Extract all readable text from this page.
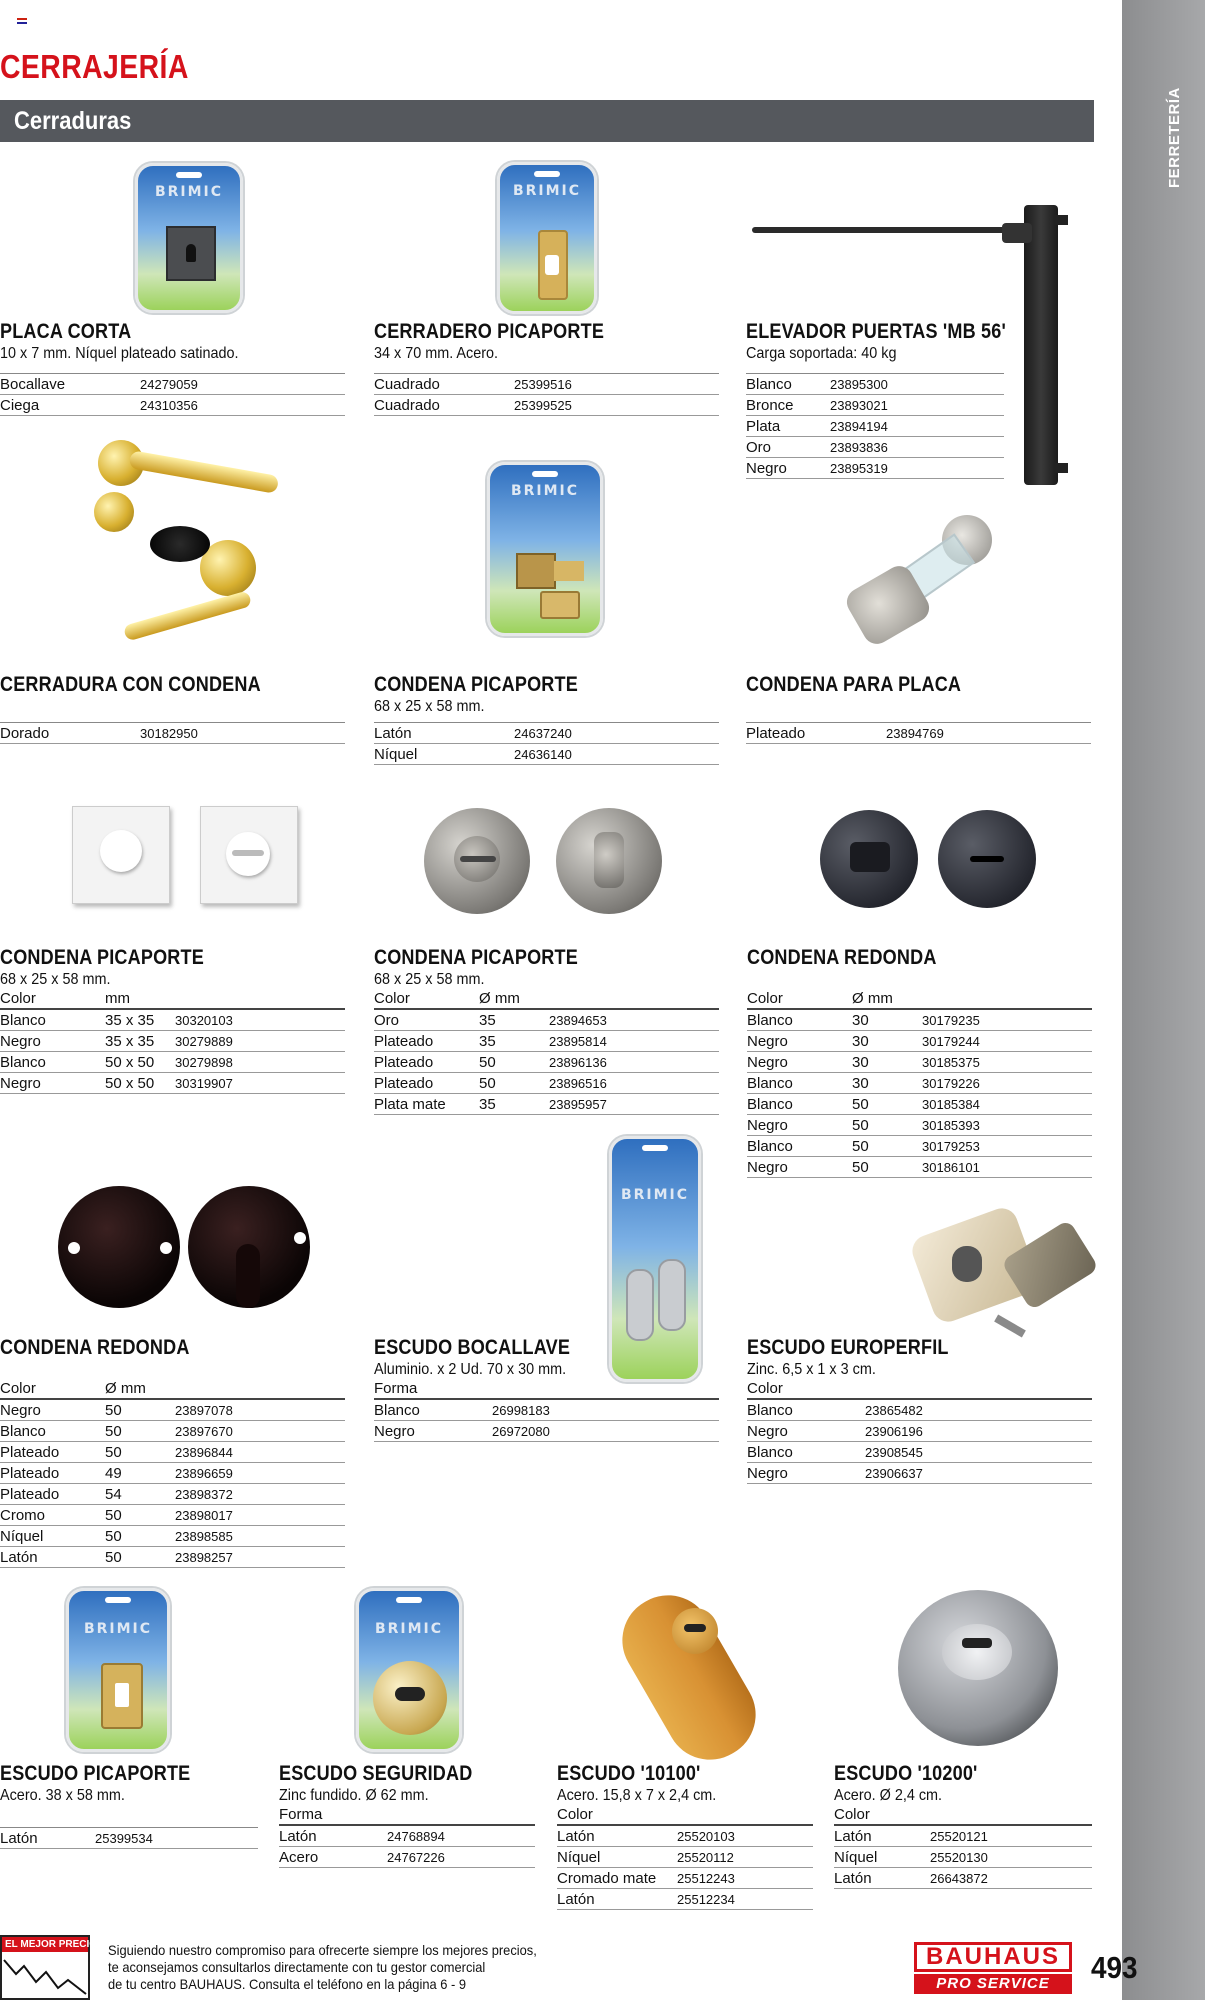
CERRAJERÍA
Cerraduras	FERRETERÍA
BRIMIC	BRIMIC
BRIMIC
BRIMIC
BRIMIC	BRIMIC
PLACA CORTA
10 x 7 mm. Níquel plateado satinado.
Bocallave	24279059
Ciega	24310356
CERRADERO PICAPORTE
34 x 70 mm. Acero.
Cuadrado	25399516
Cuadrado	25399525
ELEVADOR PUERTAS 'MB 56'
Carga soportada: 40 kg
Blanco	23895300
Bronce	23893021
Plata	23894194
Oro	23893836
Negro	23895319
CERRADURA CON CONDENA
Dorado	30182950
CONDENA PICAPORTE
68 x 25 x 58 mm.
Latón	24637240
Níquel	24636140
CONDENA PARA PLACA
Plateado	23894769
CONDENA PICAPORTE
68 x 25 x 58 mm.
Color	mm
Blanco	35 x 35	30320103
Negro	35 x 35	30279889
Blanco	50 x 50	30279898
Negro	50 x 50	30319907
CONDENA PICAPORTE
68 x 25 x 58 mm.
Color	Ø mm
Oro	35	23894653
Plateado	35	23895814
Plateado	50	23896136
Plateado	50	23896516
Plata mate	35	23895957
CONDENA REDONDA
Color	Ø mm
Blanco	30	30179235
Negro	30	30179244
Negro	30	30185375
Blanco	30	30179226
Blanco	50	30185384
Negro	50	30185393
Blanco	50	30179253
Negro	50	30186101
CONDENA REDONDA
Color	Ø mm
Negro	50	23897078
Blanco	50	23897670
Plateado	50	23896844
Plateado	49	23896659
Plateado	54	23898372
Cromo	50	23898017
Níquel	50	23898585
Latón	50	23898257
ESCUDO BOCALLAVE
Aluminio. x 2 Ud. 70 x 30 mm.
Forma
Blanco	26998183
Negro	26972080
ESCUDO EUROPERFIL
Zinc. 6,5 x 1 x 3 cm.
Color
Blanco	23865482
Negro	23906196
Blanco	23908545
Negro	23906637
ESCUDO PICAPORTE
Acero. 38 x 58 mm.
Latón	25399534
ESCUDO SEGURIDAD
Zinc fundido. Ø 62 mm.
Forma
Latón	24768894
Acero	24767226
ESCUDO '10100'
Acero. 15,8 x 7 x 2,4 cm.
Color
Latón	25520103
Níquel	25520112
Cromado mate	25512243
Latón	25512234
ESCUDO '10200'
Acero. Ø 2,4 cm.
Color
Latón	25520121
Níquel	25520130
Latón	26643872
EL MEJOR PRECIO Siguiendo nuestro compromiso para ofrecerte siempre los mejores precios,
te aconsejamos consultarlos directamente con tu gestor comercial
de tu centro BAUHAUS. Consulta el teléfono en la página 6 - 9
BAUHAUS
PRO SERVICE	493
